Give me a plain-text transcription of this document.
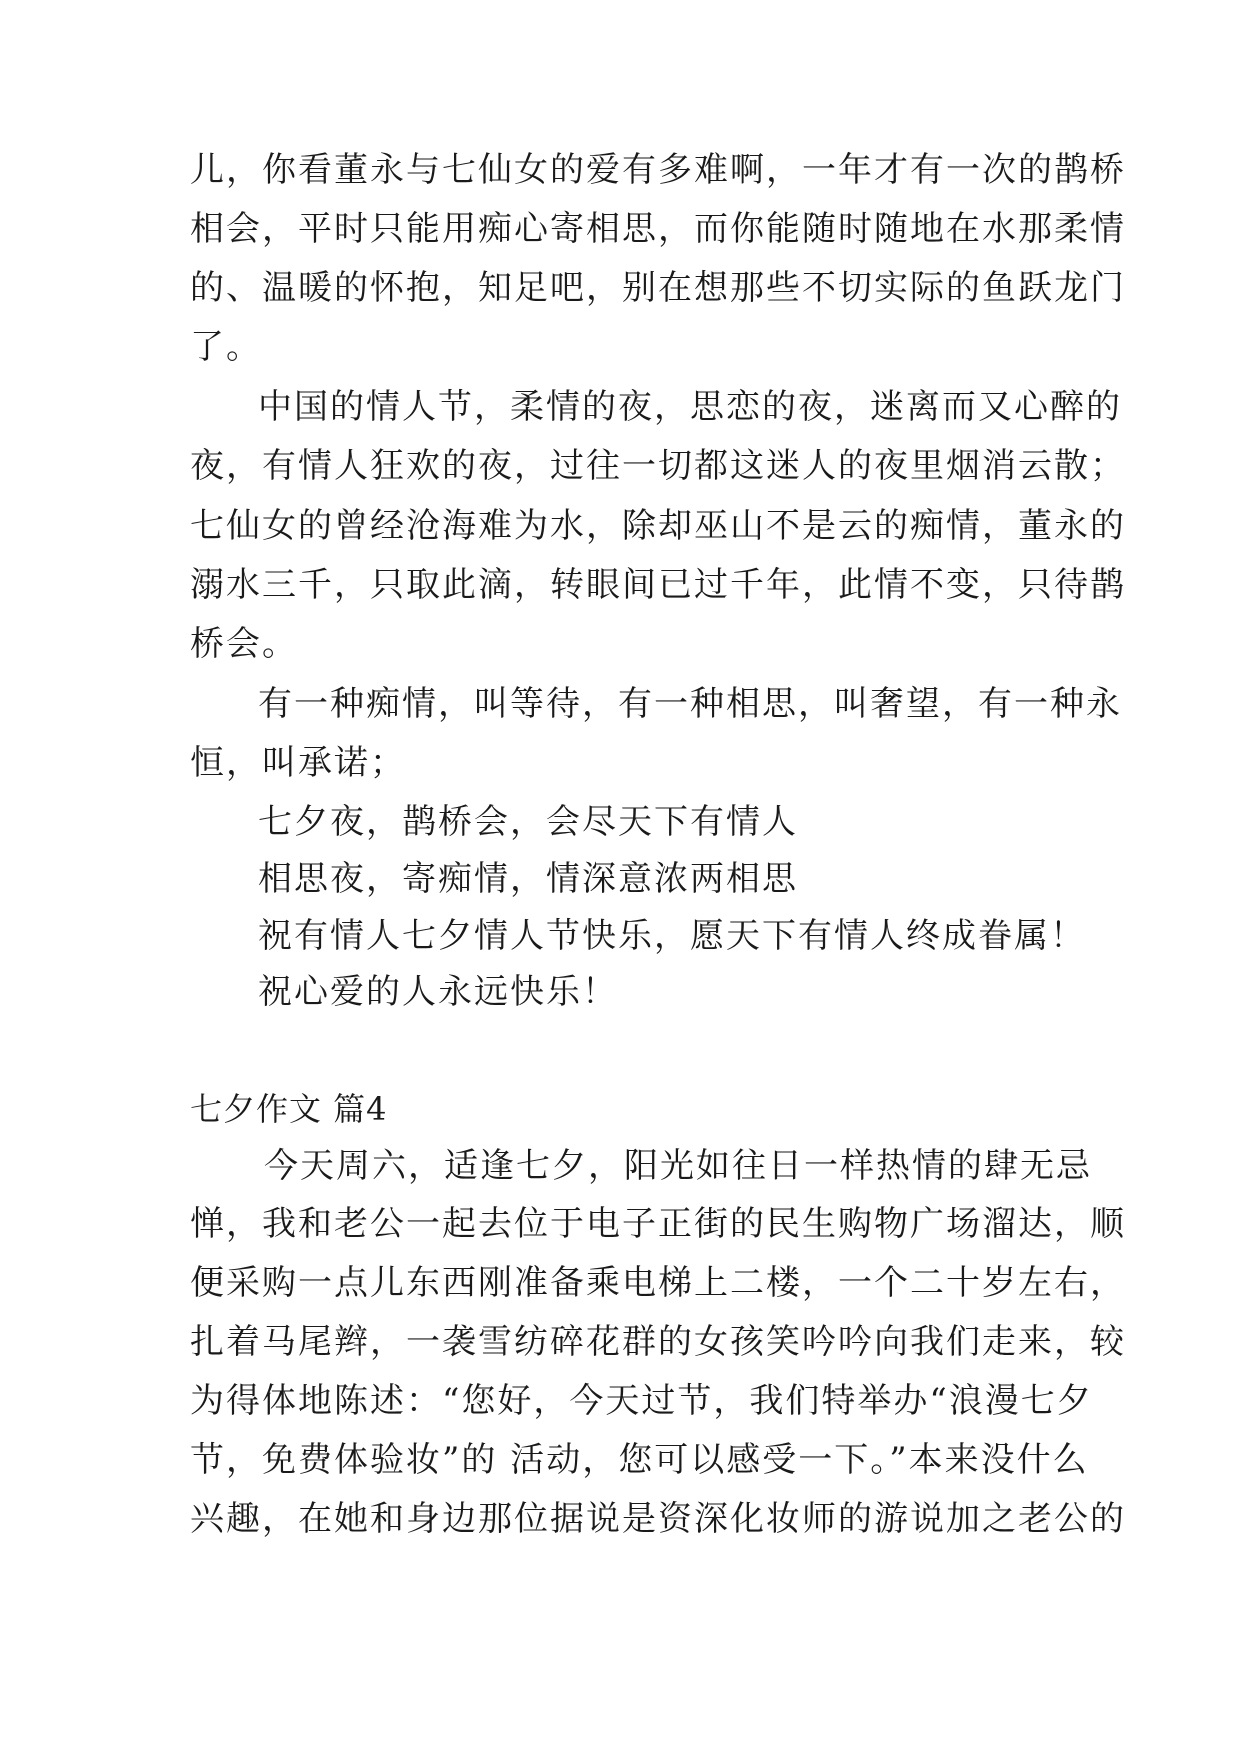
儿，你看董永与七仙女的爱有多难啊，一年才有一次的鹊桥
相会，平时只能用痴心寄相思，而你能随时随地在水那柔情
的、温暖的怀抱，知足吧，别在想那些不切实际的鱼跃龙门
了。
中国的情人节，柔情的夜，思恋的夜，迷离而又心醉的
夜，有情人狂欢的夜，过往一切都这迷人的夜里烟消云散；
七仙女的曾经沧海难为水，除却巫山不是云的痴情，董永的
溺水三千，只取此滴，转眼间已过千年，此情不变，只待鹊
桥会。
有一种痴情，叫等待，有一种相思，叫奢望，有一种永
恒，叫承诺；
七夕夜，鹊桥会，会尽天下有情人
相思夜，寄痴情，情深意浓两相思
祝有情人七夕情人节快乐，愿天下有情人终成眷属！
祝心爱的人永远快乐！
七夕作文 篇4
今天周六，适逢七夕，阳光如往日一样热情的肆无忌
惮，我和老公一起去位于电子正街的民生购物广场溜达，顺
便采购一点儿东西刚准备乘电梯上二楼，一个二十岁左右，
扎着马尾辫，一袭雪纺碎花群的女孩笑吟吟向我们走来，较
为得体地陈述：“您好，今天过节，我们特举办“浪漫七夕
节，免费体验妆”的 活动，您可以感受一下。”本来没什么
兴趣，在她和身边那位据说是资深化妆师的游说加之老公的
